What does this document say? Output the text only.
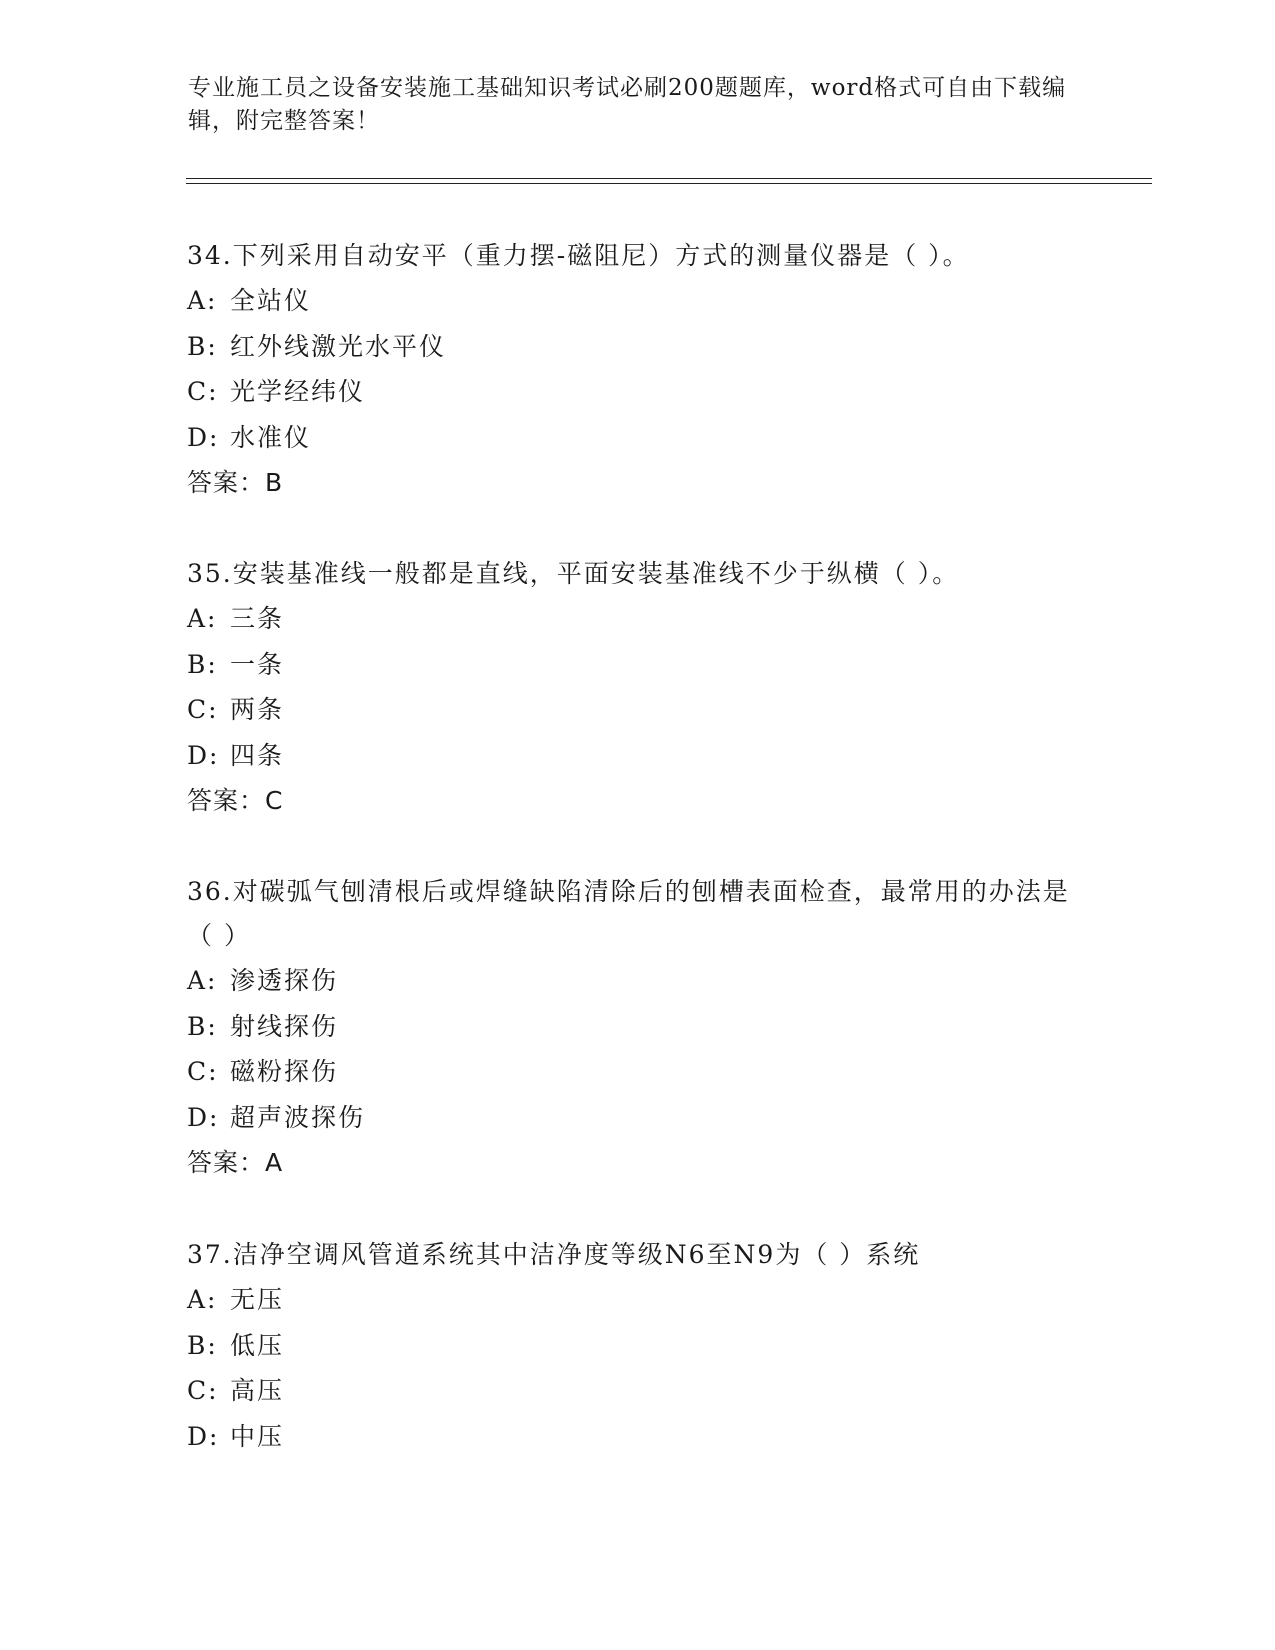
专业施工员之设备安装施工基础知识考试必刷200题题库，word格式可自由下载编辑，附完整答案！

34.下列采用自动安平（重力摆-磁阻尼）方式的测量仪器是（ ）。

A: 全站仪

B: 红外线激光水平仪

C: 光学经纬仪

D: 水准仪

答案：B

35.安装基准线一般都是直线，平面安装基准线不少于纵横（ ）。

A: 三条

B: 一条

C: 两条

D: 四条

答案：C

36.对碳弧气刨清根后或焊缝缺陷清除后的刨槽表面检查，最常用的办法是（ ）

A: 渗透探伤

B: 射线探伤

C: 磁粉探伤

D: 超声波探伤

答案：A

37.洁净空调风管道系统其中洁净度等级N6至N9为（ ）系统

A: 无压

B: 低压

C: 高压

D: 中压
